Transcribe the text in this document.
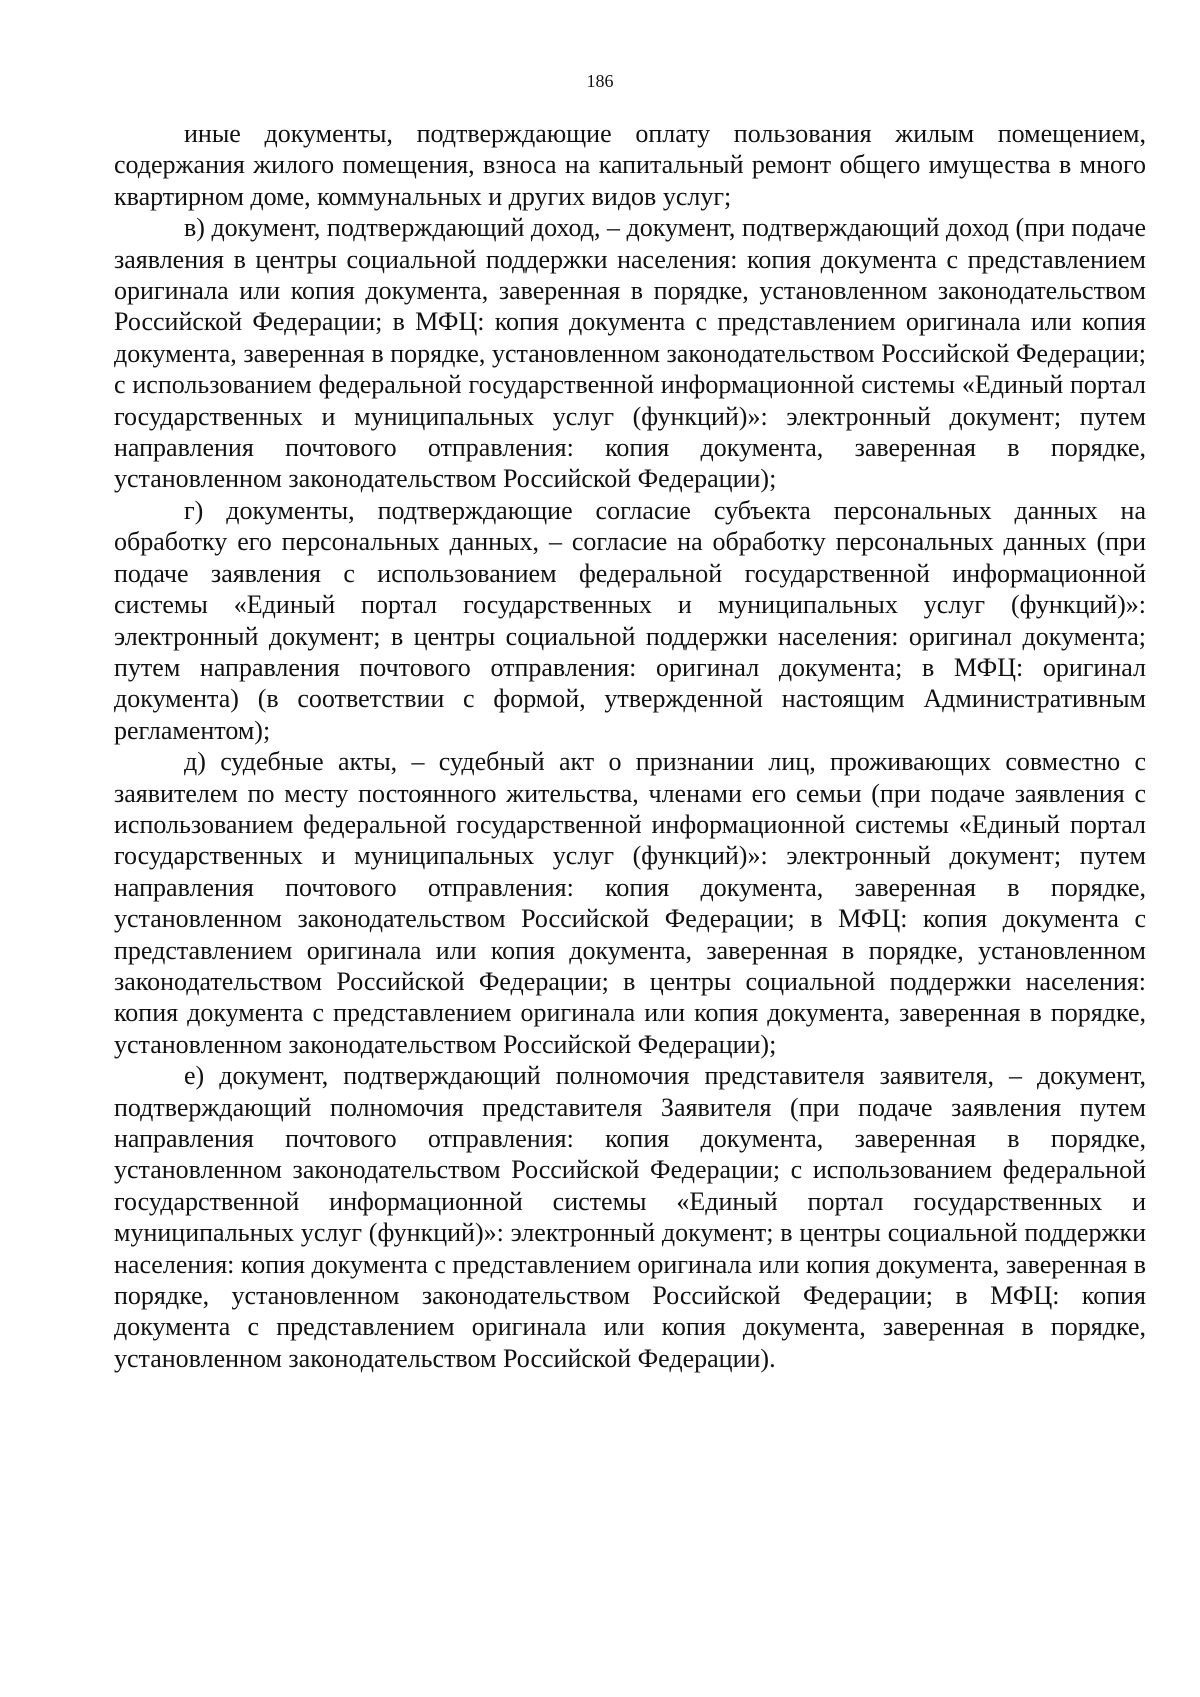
186

иные документы, подтверждающие оплату пользования жилым помещением, содержания жилого помещения, взноса на капитальный ремонт общего имущества в много квартирном доме, коммунальных и других видов услуг;

в) документ, подтверждающий доход, – документ, подтверждающий доход (при подаче заявления в центры социальной поддержки населения: копия документа с представлением оригинала или копия документа, заверенная в порядке, установленном законодательством Российской Федерации; в МФЦ: копия документа с представлением оригинала или копия документа, заверенная в порядке, установленном законодательством Российской Федерации; с использованием федеральной государственной информационной системы «Единый портал государственных и муниципальных услуг (функций)»: электронный документ; путем направления почтового отправления: копия документа, заверенная в порядке, установленном законодательством Российской Федерации);

г) документы, подтверждающие согласие субъекта персональных данных на обработку его персональных данных, – согласие на обработку персональных данных (при подаче заявления с использованием федеральной государственной информационной системы «Единый портал государственных и муниципальных услуг (функций)»: электронный документ; в центры социальной поддержки населения: оригинал документа; путем направления почтового отправления: оригинал документа; в МФЦ: оригинал документа) (в соответствии с формой, утвержденной настоящим Административным регламентом);

д) судебные акты, – судебный акт о признании лиц, проживающих совместно с заявителем по месту постоянного жительства, членами его семьи (при подаче заявления с использованием федеральной государственной информационной системы «Единый портал государственных и муниципальных услуг (функций)»: электронный документ; путем направления почтового отправления: копия документа, заверенная в порядке, установленном законодательством Российской Федерации; в МФЦ: копия документа с представлением оригинала или копия документа, заверенная в порядке, установленном законодательством Российской Федерации; в центры социальной поддержки населения: копия документа с представлением оригинала или копия документа, заверенная в порядке, установленном законодательством Российской Федерации);

е) документ, подтверждающий полномочия представителя заявителя, – документ, подтверждающий полномочия представителя Заявителя (при подаче заявления путем направления почтового отправления: копия документа, заверенная в порядке, установленном законодательством Российской Федерации; с использованием федеральной государственной информационной системы «Единый портал государственных и муниципальных услуг (функций)»: электронный документ; в центры социальной поддержки населения: копия документа с представлением оригинала или копия документа, заверенная в порядке, установленном законодательством Российской Федерации; в МФЦ: копия документа с представлением оригинала или копия документа, заверенная в порядке, установленном законодательством Российской Федерации).
